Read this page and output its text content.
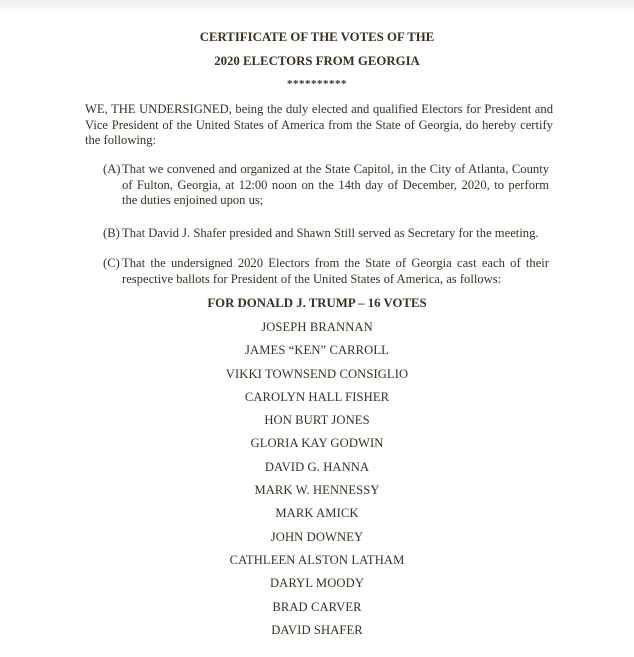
CERTIFICATE OF THE VOTES OF THE
2020 ELECTORS FROM GEORGIA
**********
WE, THE UNDERSIGNED, being the duly elected and qualified Electors for President and Vice President of the United States of America from the State of Georgia, do hereby certify the following:
(A) That we convened and organized at the State Capitol, in the City of Atlanta, County of Fulton, Georgia, at 12:00 noon on the 14th day of December, 2020, to perform the duties enjoined upon us;
(B) That David J. Shafer presided and Shawn Still served as Secretary for the meeting.
(C) That the undersigned 2020 Electors from the State of Georgia cast each of their respective ballots for President of the United States of America, as follows:
FOR DONALD J. TRUMP – 16 VOTES
JOSEPH BRANNAN
JAMES “KEN” CARROLL
VIKKI TOWNSEND CONSIGLIO
CAROLYN HALL FISHER
HON BURT JONES
GLORIA KAY GODWIN
DAVID G. HANNA
MARK W. HENNESSY
MARK AMICK
JOHN DOWNEY
CATHLEEN ALSTON LATHAM
DARYL MOODY
BRAD CARVER
DAVID SHAFER
